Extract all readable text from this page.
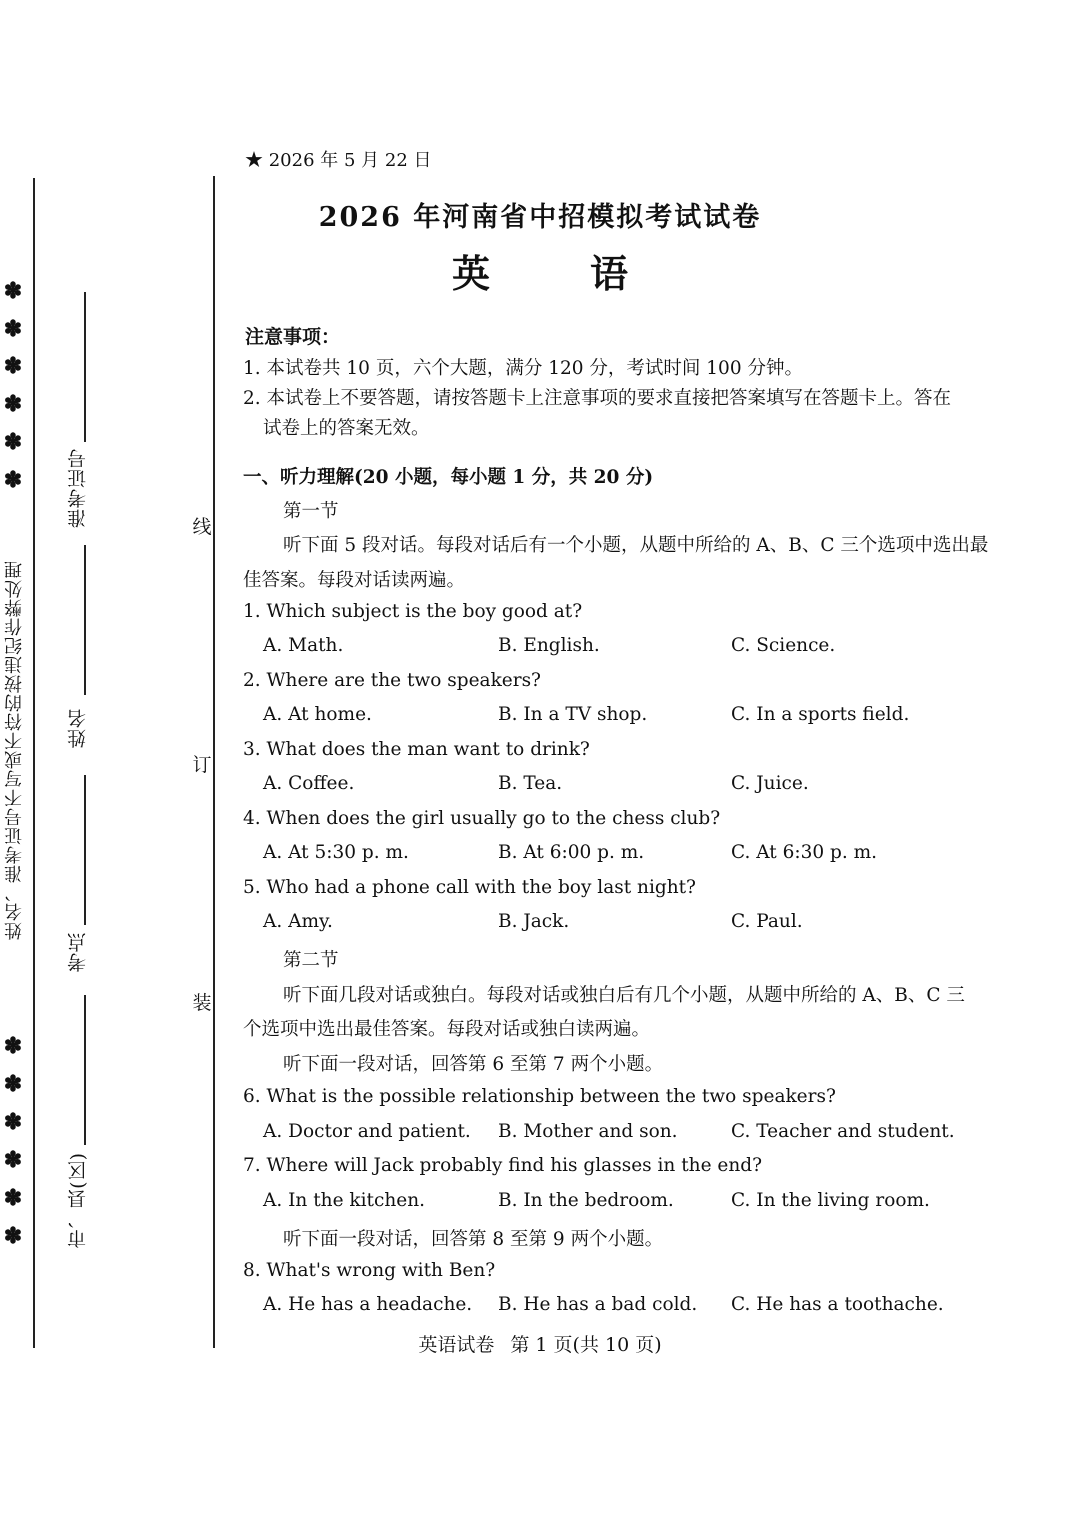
✽
✽
✽
✽
✽
✽
✽
✽
✽
✽
✽
✽
姓名、准考证号不写或不符的按违纪作弊处理
准考证号
姓名
考点
市、县(区)
线
订
装
★ 2026 年 5 月 22 日
2026 年河南省中招模拟考试试卷
英	语
注意事项：
1. 本试卷共 10 页，六个大题，满分 120 分，考试时间 100 分钟。
2. 本试卷上不要答题，请按答题卡上注意事项的要求直接把答案填写在答题卡上。答在
试卷上的答案无效。
一、听力理解(20 小题，每小题 1 分，共 20 分)
第一节
听下面 5 段对话。每段对话后有一个小题，从题中所给的 A、B、C 三个选项中选出最
佳答案。每段对话读两遍。
1. Which subject is the boy good at?
A. Math.	B. English.	C. Science.
2. Where are the two speakers?
A. At home.	B. In a TV shop.	C. In a sports field.
3. What does the man want to drink?
A. Coffee.	B. Tea.	C. Juice.
4. When does the girl usually go to the chess club?
A. At 5:30 p. m.	B. At 6:00 p. m.	C. At 6:30 p. m.
5. Who had a phone call with the boy last night?
A. Amy.	B. Jack.	C. Paul.
第二节
听下面几段对话或独白。每段对话或独白后有几个小题，从题中所给的 A、B、C 三
个选项中选出最佳答案。每段对话或独白读两遍。
听下面一段对话，回答第 6 至第 7 两个小题。
6. What is the possible relationship between the two speakers?
A. Doctor and patient. B. Mother and son.	C. Teacher and student.
7. Where will Jack probably find his glasses in the end?
A. In the kitchen.	B. In the bedroom.	C. In the living room.
听下面一段对话，回答第 8 至第 9 两个小题。
8. What's wrong with Ben?
A. He has a headache. B. He has a bad cold. C. He has a toothache.
英语试卷 第 1 页(共 10 页)
